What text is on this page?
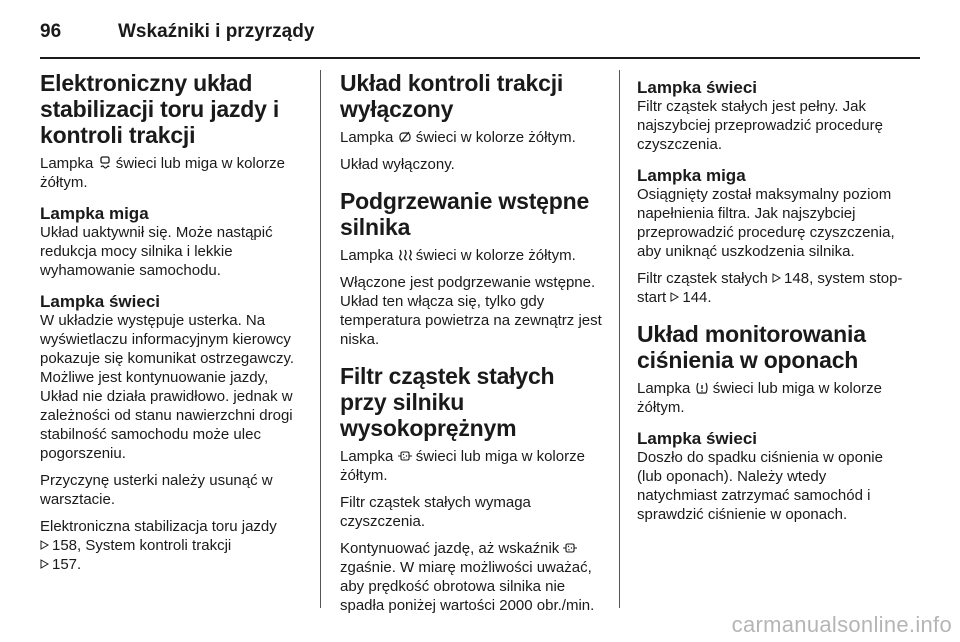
96	Wskaźniki i przyrządy
Elektroniczny układ stabilizacji toru jazdy i kontroli trakcji

Lampka świeci lub miga w kolorze żółtym.

Lampka miga

Układ uaktywnił się. Może nastąpić redukcja mocy silnika i lekkie wyhamowanie samochodu.

Lampka świeci

W układzie występuje usterka. Na wyświetlaczu informacyjnym kierowcy pokazuje się komunikat ostrzegawczy. Możliwe jest kontynuowanie jazdy, Układ nie działa prawidłowo. jednak w zależności od stanu nawierzchni drogi stabilność samochodu może ulec pogorszeniu.

Przyczynę usterki należy usunąć w warsztacie.

Elektroniczna stabilizacja toru jazdy

158, System kontroli trakcji

157.

Układ kontroli trakcji wyłączony

Lampka świeci w kolorze żółtym.

Układ wyłączony.

Podgrzewanie wstępne silnika

Lampka świeci w kolorze żółtym.

Włączone jest podgrzewanie wstępne. Układ ten włącza się, tylko gdy temperatura powietrza na zewnątrz jest niska.

Filtr cząstek stałych przy silniku wysokoprężnym

Lampka świeci lub miga w kolorze żółtym.

Filtr cząstek stałych wymaga czyszczenia.

Kontynuować jazdę, aż wskaźnik
zgaśnie. W miarę możliwości uważać, aby prędkość obrotowa silnika nie spadła poniżej wartości 2000 obr./min.

Lampka świeci

Filtr cząstek stałych jest pełny. Jak najszybciej przeprowadzić procedurę czyszczenia.

Lampka miga

Osiągnięty został maksymalny poziom napełnienia filtra. Jak najszybciej przeprowadzić procedurę czyszczenia, aby uniknąć uszkodzenia silnika.

Filtr cząstek stałych 148, system stop-start 144.

Układ monitorowania ciśnienia w oponach

Lampka świeci lub miga w kolorze żółtym.

Lampka świeci

Doszło do spadku ciśnienia w oponie (lub oponach). Należy wtedy natychmiast zatrzymać samochód i sprawdzić ciśnienie w oponach.

carmanualsonline.info
